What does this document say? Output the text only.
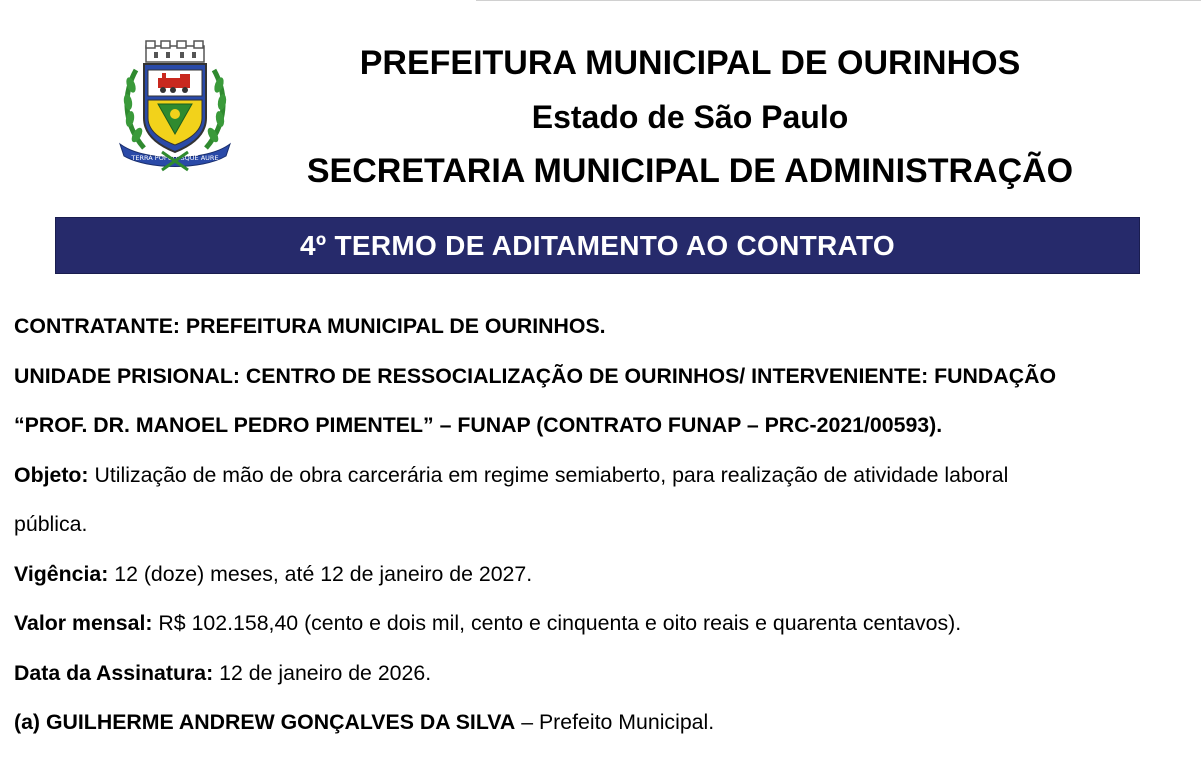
TERRA POPULUSQUE AURE
PREFEITURA MUNICIPAL DE OURINHOS
Estado de São Paulo
SECRETARIA MUNICIPAL DE ADMINISTRAÇÃO
4º TERMO DE ADITAMENTO AO CONTRATO

CONTRATANTE: PREFEITURA MUNICIPAL DE OURINHOS.

UNIDADE PRISIONAL: CENTRO DE RESSOCIALIZAÇÃO DE OURINHOS/ INTERVENIENTE: FUNDAÇÃO

“PROF. DR. MANOEL PEDRO PIMENTEL” – FUNAP (CONTRATO FUNAP – PRC-2021/00593).

Objeto: Utilização de mão de obra carcerária em regime semiaberto, para realização de atividade laboral

pública.

Vigência: 12 (doze) meses, até 12 de janeiro de 2027.

Valor mensal: R$ 102.158,40 (cento e dois mil, cento e cinquenta e oito reais e quarenta centavos).

Data da Assinatura: 12 de janeiro de 2026.

(a) GUILHERME ANDREW GONÇALVES DA SILVA – Prefeito Municipal.
